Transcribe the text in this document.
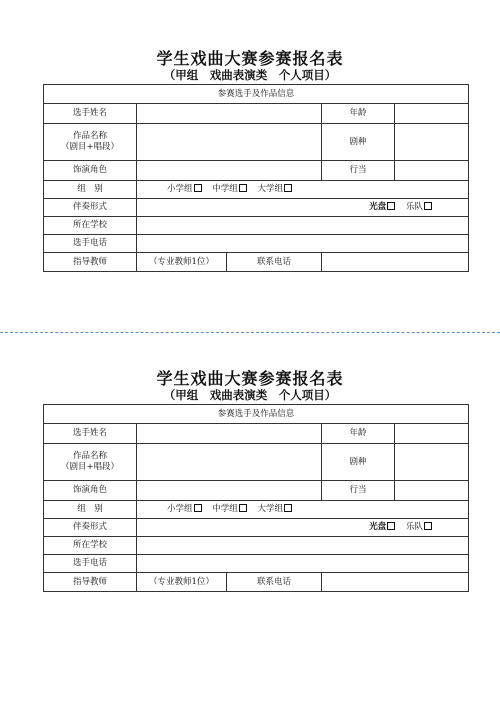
学生戏曲大赛参赛报名表
（甲组　戏曲表演类　个人项目）
参赛选手及作品信息				
选手姓名			年龄	
作品名称
（剧目+唱段）			剧种	
饰演角色			行当	
组　别	小学组 中学组 大学组			
伴奏形式	光盘 乐队			
所在学校				
选手电话				
指导教师	（专业教师1位）	联系电话		
学生戏曲大赛参赛报名表
（甲组　戏曲表演类　个人项目）
参赛选手及作品信息				
选手姓名			年龄	
作品名称
（剧目+唱段）			剧种	
饰演角色			行当	
组　别	小学组 中学组 大学组			
伴奏形式	光盘 乐队			
所在学校				
选手电话				
指导教师	（专业教师1位）	联系电话		
